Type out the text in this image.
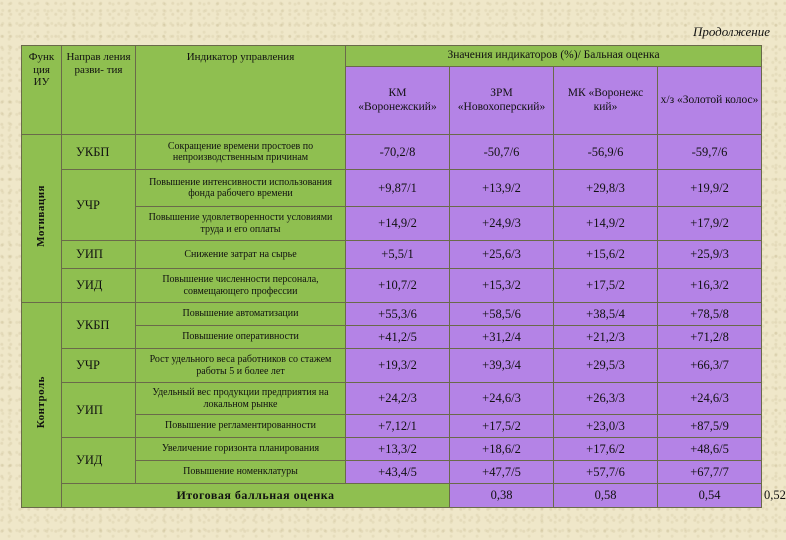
Продолжение
Функ ция ИУ	Направ ления разви- тия	Индикатор управления	Значения индикаторов (%)/ Бальная оценка				
			КМ «Воронежский»	ЗРМ «Новохоперский»	МК «Воронежс кий»	х/з «Золотой колос»	
Мотивация	УКБП	Сокращение времени простоев по непроизводственным причинам	-70,2/8	-50,7/6	-56,9/6	-59,7/6	
	УЧР	Повышение интенсивности использования фонда рабочего времени	+9,87/1	+13,9/2	+29,8/3	+19,9/2	
		Повышение удовлетворенности условиями труда и его оплаты	+14,9/2	+24,9/3	+14,9/2	+17,9/2	
	УИП	Снижение затрат на сырье	+5,5/1	+25,6/3	+15,6/2	+25,9/3	
	УИД	Повышение численности персонала, совмещающего профессии	+10,7/2	+15,3/2	+17,5/2	+16,3/2	
Контроль	УКБП	Повышение автоматизации	+55,3/6	+58,5/6	+38,5/4	+78,5/8	
		Повышение оперативности	+41,2/5	+31,2/4	+21,2/3	+71,2/8	
	УЧР	Рост удельного веса работников со стажем работы 5 и более лет	+19,3/2	+39,3/4	+29,5/3	+66,3/7	
	УИП	Удельный вес продукции предприятия на локальном рынке	+24,2/3	+24,6/3	+26,3/3	+24,6/3	
		Повышение регламентированности	+7,12/1	+17,5/2	+23,0/3	+87,5/9	
	УИД	Увеличение горизонта планирования	+13,3/2	+18,6/2	+17,6/2	+48,6/5	
		Повышение номенклатуры	+43,4/5	+47,7/5	+57,7/6	+67,7/7	
	Итоговая балльная оценка			0,38	0,58	0,54	0,52
